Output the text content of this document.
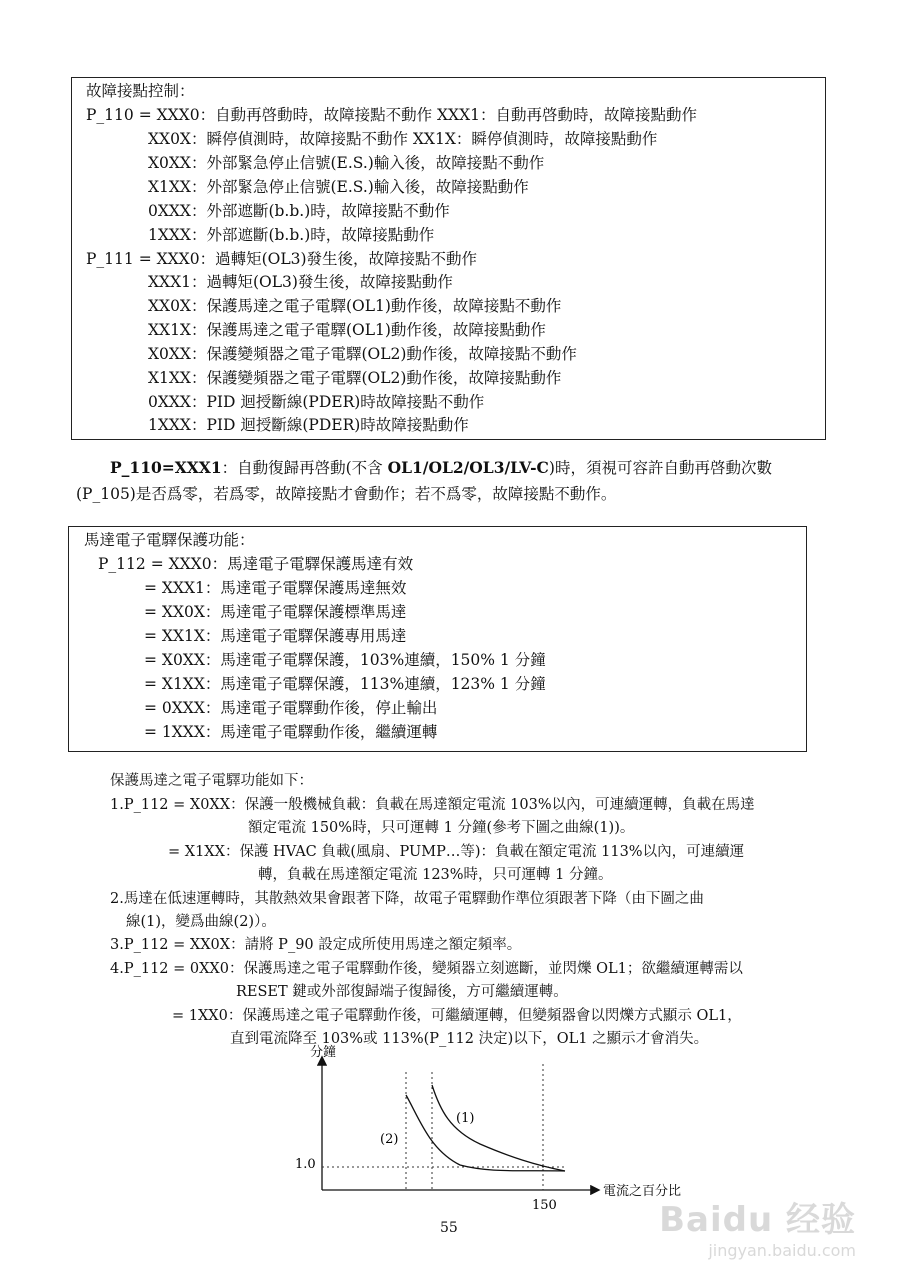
故障接點控制：
P_110 = XXX0：自動再啓動時，故障接點不動作 XXX1：自動再啓動時，故障接點動作
XX0X：瞬停偵測時，故障接點不動作 XX1X：瞬停偵測時，故障接點動作
X0XX：外部緊急停止信號(E.S.)輸入後，故障接點不動作
X1XX：外部緊急停止信號(E.S.)輸入後，故障接點動作
0XXX：外部遮斷(b.b.)時，故障接點不動作
1XXX：外部遮斷(b.b.)時，故障接點動作
P_111 = XXX0：過轉矩(OL3)發生後，故障接點不動作
XXX1：過轉矩(OL3)發生後，故障接點動作
XX0X：保護馬達之電子電驛(OL1)動作後，故障接點不動作
XX1X：保護馬達之電子電驛(OL1)動作後，故障接點動作
X0XX：保護變頻器之電子電驛(OL2)動作後，故障接點不動作
X1XX：保護變頻器之電子電驛(OL2)動作後，故障接點動作
0XXX：PID 迴授斷線(PDER)時故障接點不動作
1XXX：PID 迴授斷線(PDER)時故障接點動作
P_110=XXX1：自動復歸再啓動(不含 OL1/OL2/OL3/LV-C)時，須視可容許自動再啓動次數
(P_105)是否爲零，若爲零，故障接點才會動作；若不爲零，故障接點不動作。
馬達電子電驛保護功能：
P_112 = XXX0：馬達電子電驛保護馬達有效
= XXX1：馬達電子電驛保護馬達無效
= XX0X：馬達電子電驛保護標準馬達
= XX1X：馬達電子電驛保護專用馬達
= X0XX：馬達電子電驛保護，103%連續，150% 1 分鐘
= X1XX：馬達電子電驛保護，113%連續，123% 1 分鐘
= 0XXX：馬達電子電驛動作後，停止輸出
= 1XXX：馬達電子電驛動作後，繼續運轉
保護馬達之電子電驛功能如下：
1.P_112 = X0XX：保護一般機械負載：負載在馬達額定電流 103%以內，可連續運轉，負載在馬達
額定電流 150%時，只可運轉 1 分鐘(參考下圖之曲線(1))。
= X1XX：保護 HVAC 負載(風扇、PUMP…等)：負載在額定電流 113%以內，可連續運
轉，負載在馬達額定電流 123%時，只可運轉 1 分鐘。
2.馬達在低速運轉時，其散熱效果會跟著下降，故電子電驛動作準位須跟著下降（由下圖之曲
線(1)，變爲曲線(2)）。
3.P_112 = XX0X：請將 P_90 設定成所使用馬達之額定頻率。
4.P_112 = 0XX0：保護馬達之電子電驛動作後，變頻器立刻遮斷，並閃爍 OL1；欲繼續運轉需以
RESET 鍵或外部復歸端子復歸後，方可繼續運轉。
= 1XX0：保護馬達之電子電驛動作後，可繼續運轉，但變頻器會以閃爍方式顯示 OL1，
直到電流降至 103%或 113%(P_112 決定)以下，OL1 之顯示才會消失。
分鐘
電流之百分比
1.0
150
(1)
(2)
55	Baidu 经验
jingyan.baidu.com
